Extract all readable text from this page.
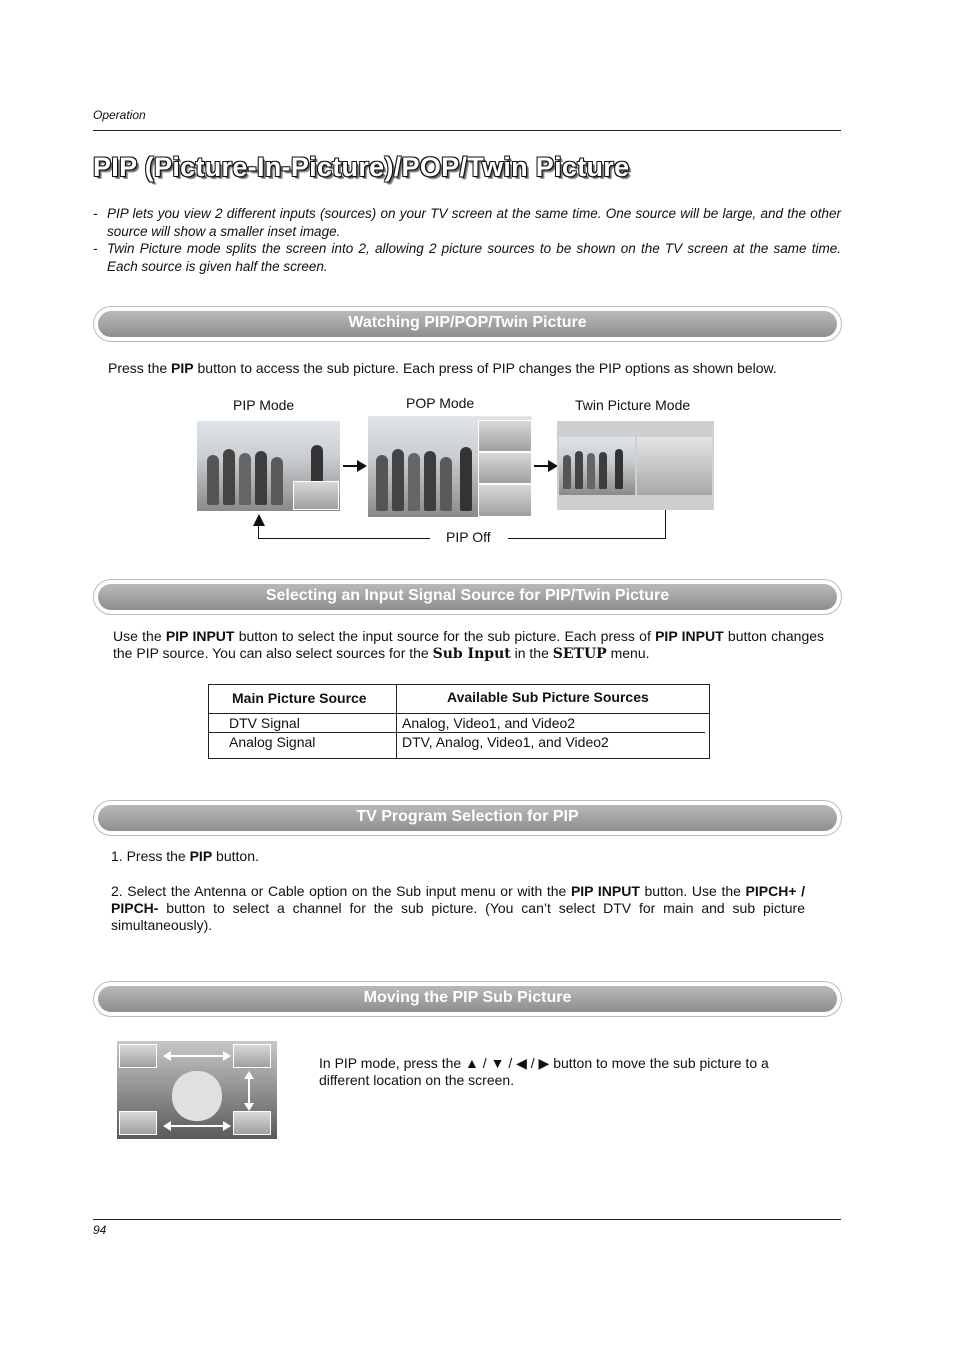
Operation
PIP (Picture-In-Picture)/POP/Twin Picture
- PIP lets you view 2 different inputs (sources) on your TV screen at the same time. One source will be large, and the other source will show a smaller inset image.
- Twin Picture mode splits the screen into 2, allowing 2 picture sources to be shown on the TV screen at the same time. Each source is given half the screen.
Watching PIP/POP/Twin Picture
Press the PIP button to access the sub picture. Each press of PIP changes the PIP options as shown below.
PIP Mode	POP Mode	Twin Picture Mode
PIP Off
Selecting an Input Signal Source for PIP/Twin Picture
Use the PIP INPUT button to select the input source for the sub picture. Each press of PIP INPUT button changes the PIP source. You can also select sources for the Sub Input in the SETUP menu.
Main Picture Source	Available Sub Picture Sources
DTV Signal	Analog, Video1, and Video2
Analog Signal	DTV, Analog, Video1, and Video2
TV Program Selection for PIP
1. Press the PIP button.
2. Select the Antenna or Cable option on the Sub input menu or with the PIP INPUT button. Use the PIPCH+ / PIPCH- button to select a channel for the sub picture. (You can’t select DTV for main and sub picture simultaneously).
Moving the PIP Sub Picture
In PIP mode, press the ▲ / ▼ / ◀ / ▶ button to move the sub picture to a different location on the screen.
94
